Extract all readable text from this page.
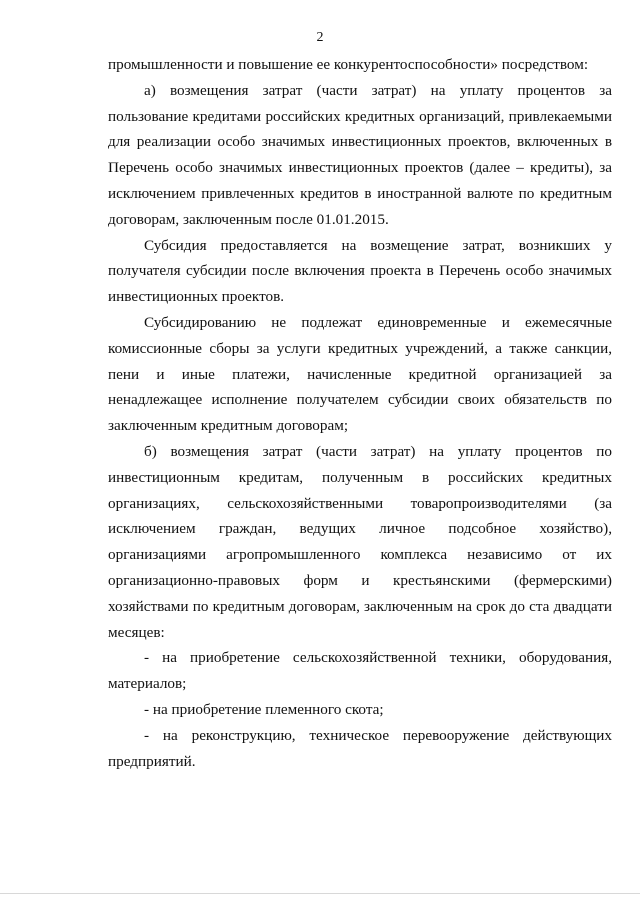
2

промышленности и повышение ее конкурентоспособности» посредством:

а) возмещения затрат (части затрат) на уплату процентов за пользование кредитами российских кредитных организаций, привлекаемыми для реализации особо значимых инвестиционных проектов, включенных в Перечень особо значимых инвестиционных проектов (далее – кредиты), за исключением привлеченных кредитов в иностранной валюте по кредитным договорам, заключенным после 01.01.2015.

Субсидия предоставляется на возмещение затрат, возникших у получателя субсидии после включения проекта в Перечень особо значимых инвестиционных проектов.

Субсидированию не подлежат единовременные и ежемесячные комиссионные сборы за услуги кредитных учреждений, а также санкции, пени и иные платежи, начисленные кредитной организацией за ненадлежащее исполнение получателем субсидии своих обязательств по заключенным кредитным договорам;

б) возмещения затрат (части затрат) на уплату процентов по инвестиционным кредитам, полученным в российских кредитных организациях, сельскохозяйственными товаропроизводителями (за исключением граждан, ведущих личное подсобное хозяйство), организациями агропромышленного комплекса независимо от их организационно-правовых форм и крестьянскими (фермерскими) хозяйствами по кредитным договорам, заключенным на срок до ста двадцати месяцев:

- на приобретение сельскохозяйственной техники, оборудования, материалов;

- на приобретение племенного скота;

- на реконструкцию, техническое перевооружение действующих предприятий.
